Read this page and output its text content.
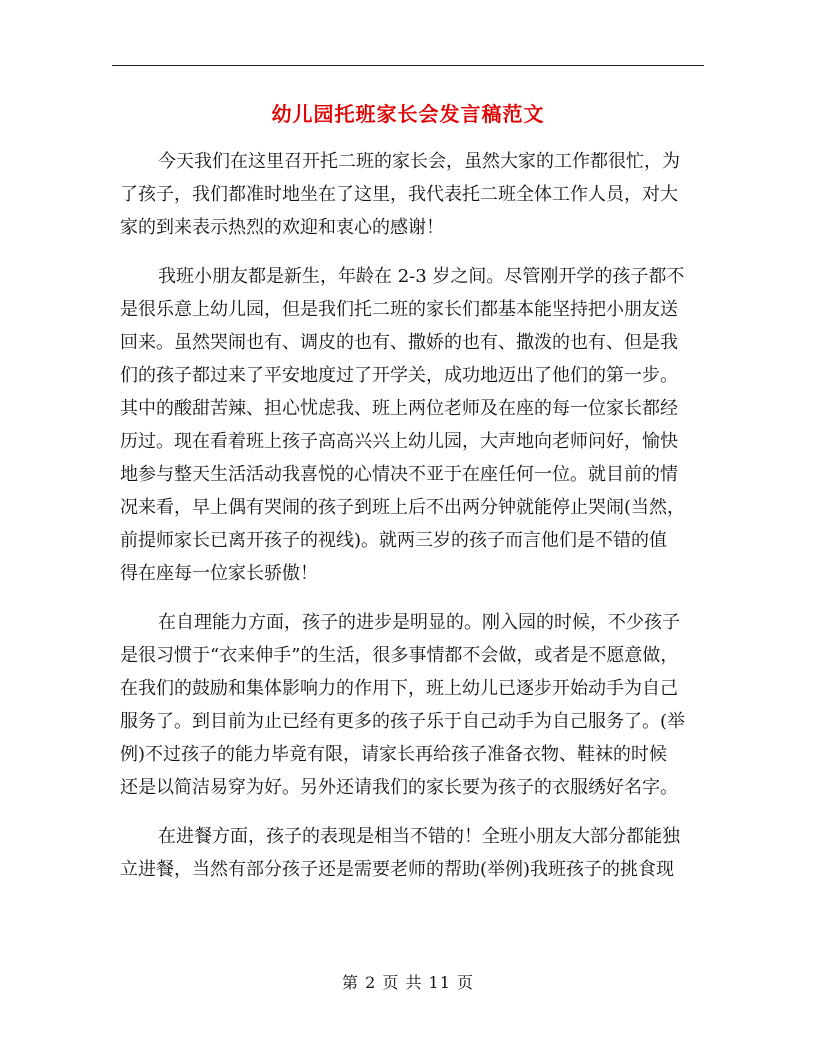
幼儿园托班家长会发言稿范文
今天我们在这里召开托二班的家长会，虽然大家的工作都很忙，为
了孩子，我们都准时地坐在了这里，我代表托二班全体工作人员，对大
家的到来表示热烈的欢迎和衷心的感谢！
我班小朋友都是新生，年龄在 2-3 岁之间。尽管刚开学的孩子都不
是很乐意上幼儿园，但是我们托二班的家长们都基本能坚持把小朋友送
回来。虽然哭闹也有、调皮的也有、撒娇的也有、撒泼的也有、但是我
们的孩子都过来了平安地度过了开学关，成功地迈出了他们的第一步。
其中的酸甜苦辣、担心忧虑我、班上两位老师及在座的每一位家长都经
历过。现在看着班上孩子高高兴兴上幼儿园，大声地向老师问好，愉快
地参与整天生活活动我喜悦的心情决不亚于在座任何一位。就目前的情
况来看，早上偶有哭闹的孩子到班上后不出两分钟就能停止哭闹(当然，
前提师家长已离开孩子的视线)。就两三岁的孩子而言他们是不错的值
得在座每一位家长骄傲！
在自理能力方面，孩子的进步是明显的。刚入园的时候，不少孩子
是很习惯于“衣来伸手”的生活，很多事情都不会做，或者是不愿意做，
在我们的鼓励和集体影响力的作用下，班上幼儿已逐步开始动手为自己
服务了。到目前为止已经有更多的孩子乐于自己动手为自己服务了。(举
例)不过孩子的能力毕竟有限，请家长再给孩子准备衣物、鞋袜的时候
还是以简洁易穿为好。另外还请我们的家长要为孩子的衣服绣好名字。
在进餐方面，孩子的表现是相当不错的！全班小朋友大部分都能独
立进餐，当然有部分孩子还是需要老师的帮助(举例)我班孩子的挑食现
第 2 页 共 11 页
